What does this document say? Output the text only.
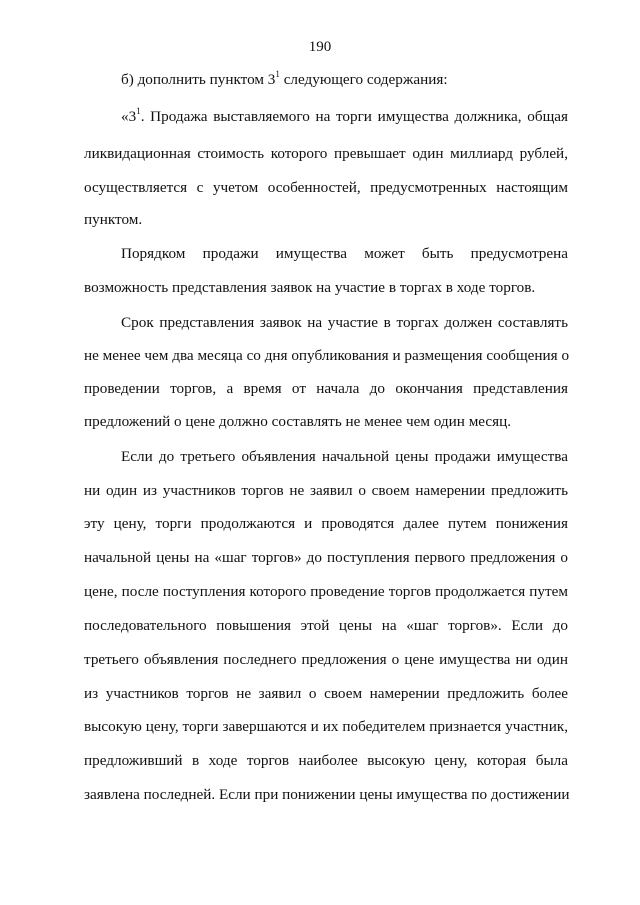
190
б) дополнить пунктом $3^1$ следующего содержания:
«$3^1$. Продажа выставляемого на торги имущества должника, общая
ликвидационная стоимость которого превышает один миллиард рублей,
осуществляется с учетом особенностей, предусмотренных настоящим
пунктом.
Порядком продажи имущества может быть предусмотрена
возможность представления заявок на участие в торгах в ходе торгов.
Срок представления заявок на участие в торгах должен составлять
не менее чем два месяца со дня опубликования и размещения сообщения о
проведении торгов, а время от начала до окончания представления
предложений о цене должно составлять не менее чем один месяц.
Если до третьего объявления начальной цены продажи имущества
ни один из участников торгов не заявил о своем намерении предложить
эту цену, торги продолжаются и проводятся далее путем понижения
начальной цены на «шаг торгов» до поступления первого предложения о
цене, после поступления которого проведение торгов продолжается путем
последовательного повышения этой цены на «шаг торгов». Если до
третьего объявления последнего предложения о цене имущества ни один
из участников торгов не заявил о своем намерении предложить более
высокую цену, торги завершаются и их победителем признается участник,
предложивший в ходе торгов наиболее высокую цену, которая была
заявлена последней. Если при понижении цены имущества по достижении
